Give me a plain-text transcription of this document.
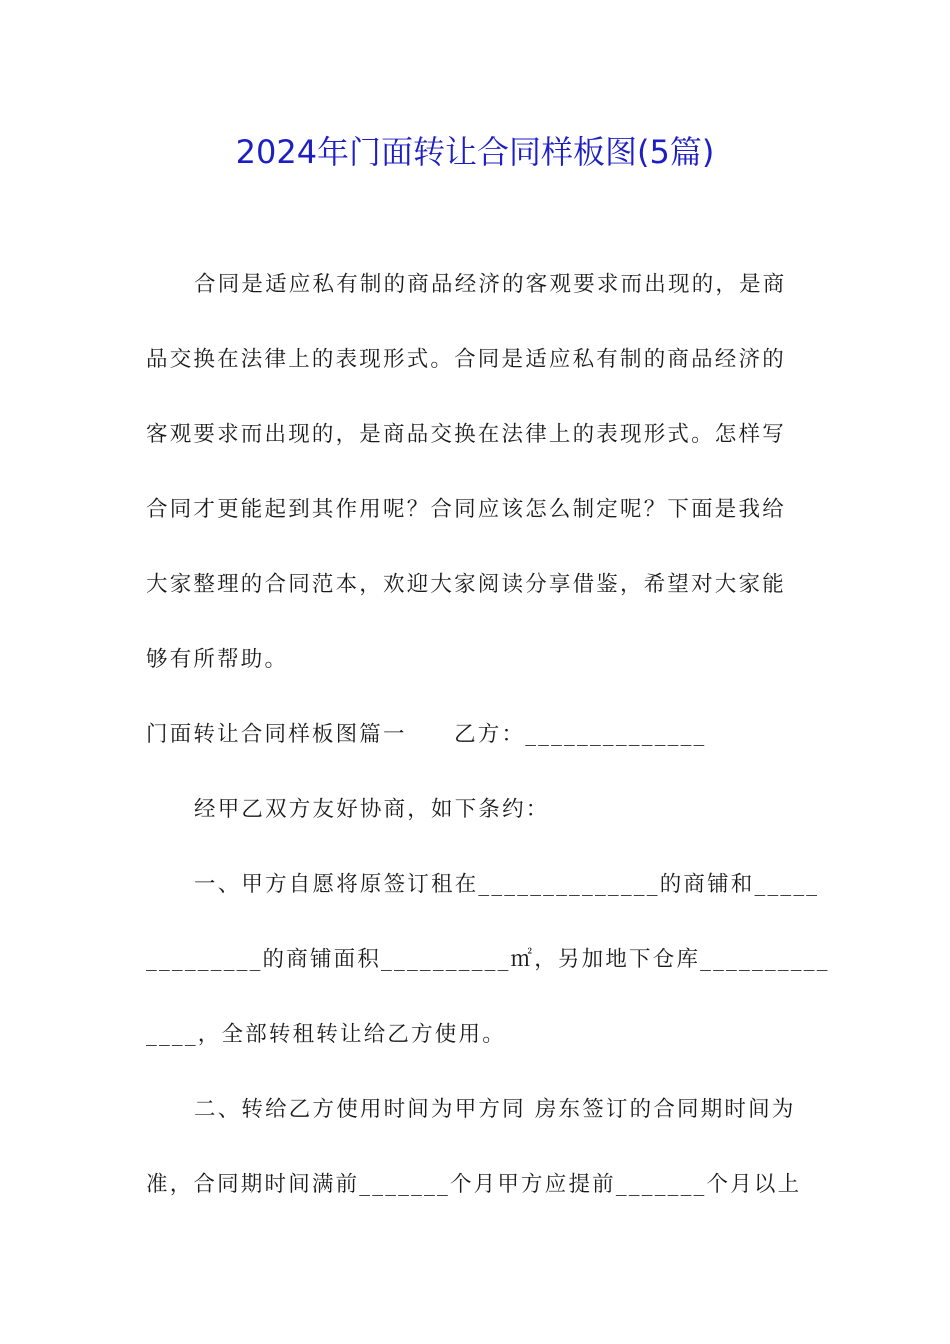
2024年门面转让合同样板图(5篇)
合同是适应私有制的商品经济的客观要求而出现的，是商
品交换在法律上的表现形式。合同是适应私有制的商品经济的
客观要求而出现的，是商品交换在法律上的表现形式。怎样写
合同才更能起到其作用呢？合同应该怎么制定呢？下面是我给
大家整理的合同范本，欢迎大家阅读分享借鉴，希望对大家能
够有所帮助。
门面转让合同样板图篇一　　乙方：______________
经甲乙双方友好协商，如下条约：
一、甲方自愿将原签订租在______________的商铺和_____
_________的商铺面积__________㎡，另加地下仓库__________
____，全部转租转让给乙方使用。
二、转给乙方使用时间为甲方同 房东签订的合同期时间为
准，合同期时间满前_______个月甲方应提前_______个月以上
